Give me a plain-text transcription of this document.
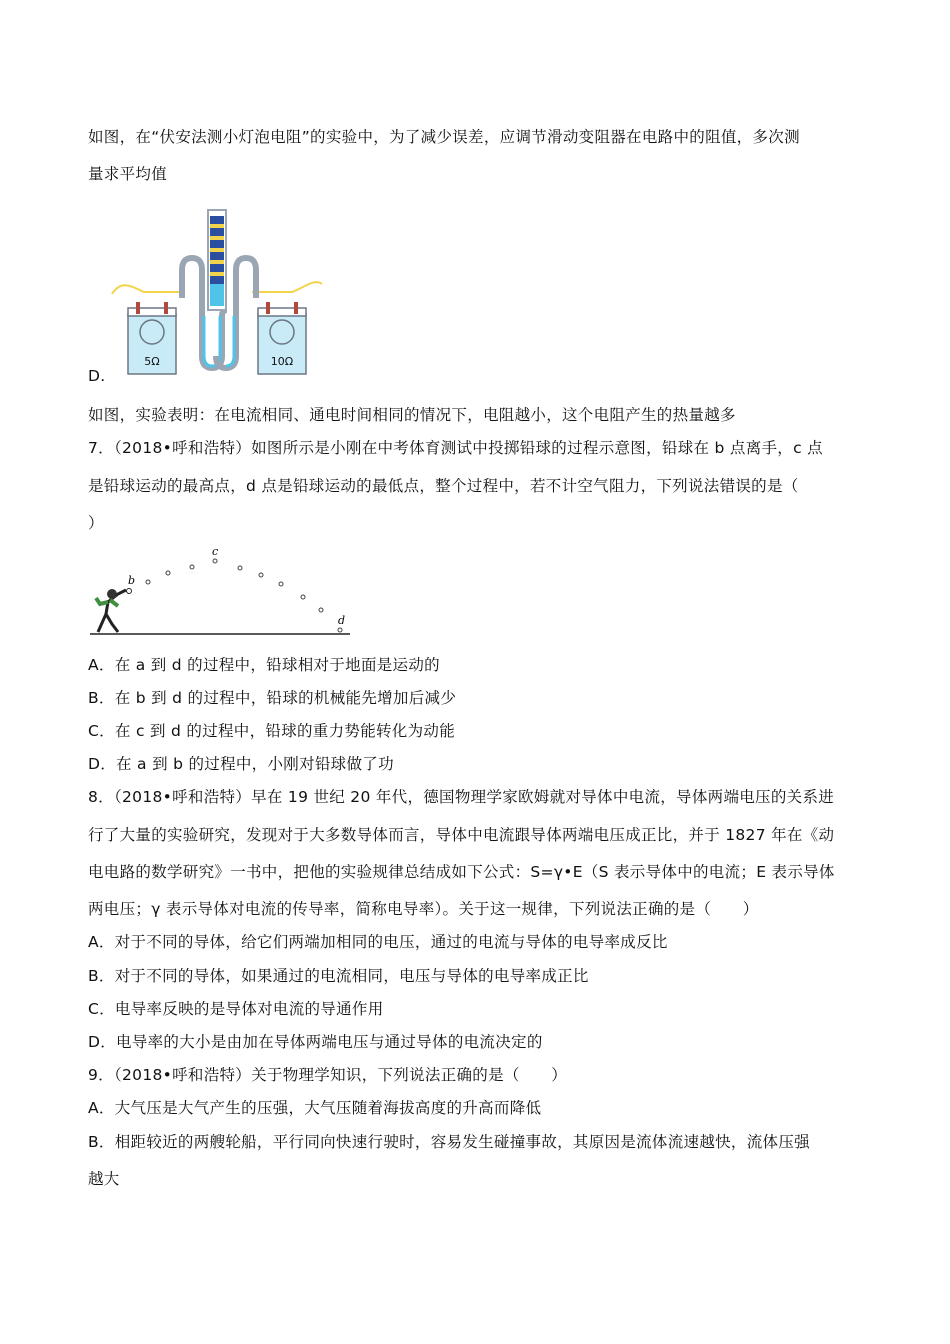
如图，在“伏安法测小灯泡电阻”的实验中，为了减少误差，应调节滑动变阻器在电路中的阻值，多次测
量求平均值
D.
5Ω	10Ω
如图，实验表明：在电流相同、通电时间相同的情况下，电阻越小，这个电阻产生的热量越多
7．（2018•呼和浩特）如图所示是小刚在中考体育测试中投掷铅球的过程示意图，铅球在 b 点离手，c 点
是铅球运动的最高点，d 点是铅球运动的最低点，整个过程中，若不计空气阻力，下列说法错误的是（
）
b
c
d
A．在 a 到 d 的过程中，铅球相对于地面是运动的
B．在 b 到 d 的过程中，铅球的机械能先增加后减少
C．在 c 到 d 的过程中，铅球的重力势能转化为动能
D．在 a 到 b 的过程中，小刚对铅球做了功
8．（2018•呼和浩特）早在 19 世纪 20 年代，德国物理学家欧姆就对导体中电流，导体两端电压的关系进
行了大量的实验研究，发现对于大多数导体而言，导体中电流跟导体两端电压成正比，并于 1827 年在《动
电电路的数学研究》一书中，把他的实验规律总结成如下公式：S=γ•E（S 表示导体中的电流；E 表示导体
两电压；γ 表示导体对电流的传导率，简称电导率）。关于这一规律，下列说法正确的是（　　）
A．对于不同的导体，给它们两端加相同的电压，通过的电流与导体的电导率成反比
B．对于不同的导体，如果通过的电流相同，电压与导体的电导率成正比
C．电导率反映的是导体对电流的导通作用
D．电导率的大小是由加在导体两端电压与通过导体的电流决定的
9．（2018•呼和浩特）关于物理学知识，下列说法正确的是（　　）
A．大气压是大气产生的压强，大气压随着海拔高度的升高而降低
B．相距较近的两艘轮船，平行同向快速行驶时，容易发生碰撞事故，其原因是流体流速越快，流体压强
越大
